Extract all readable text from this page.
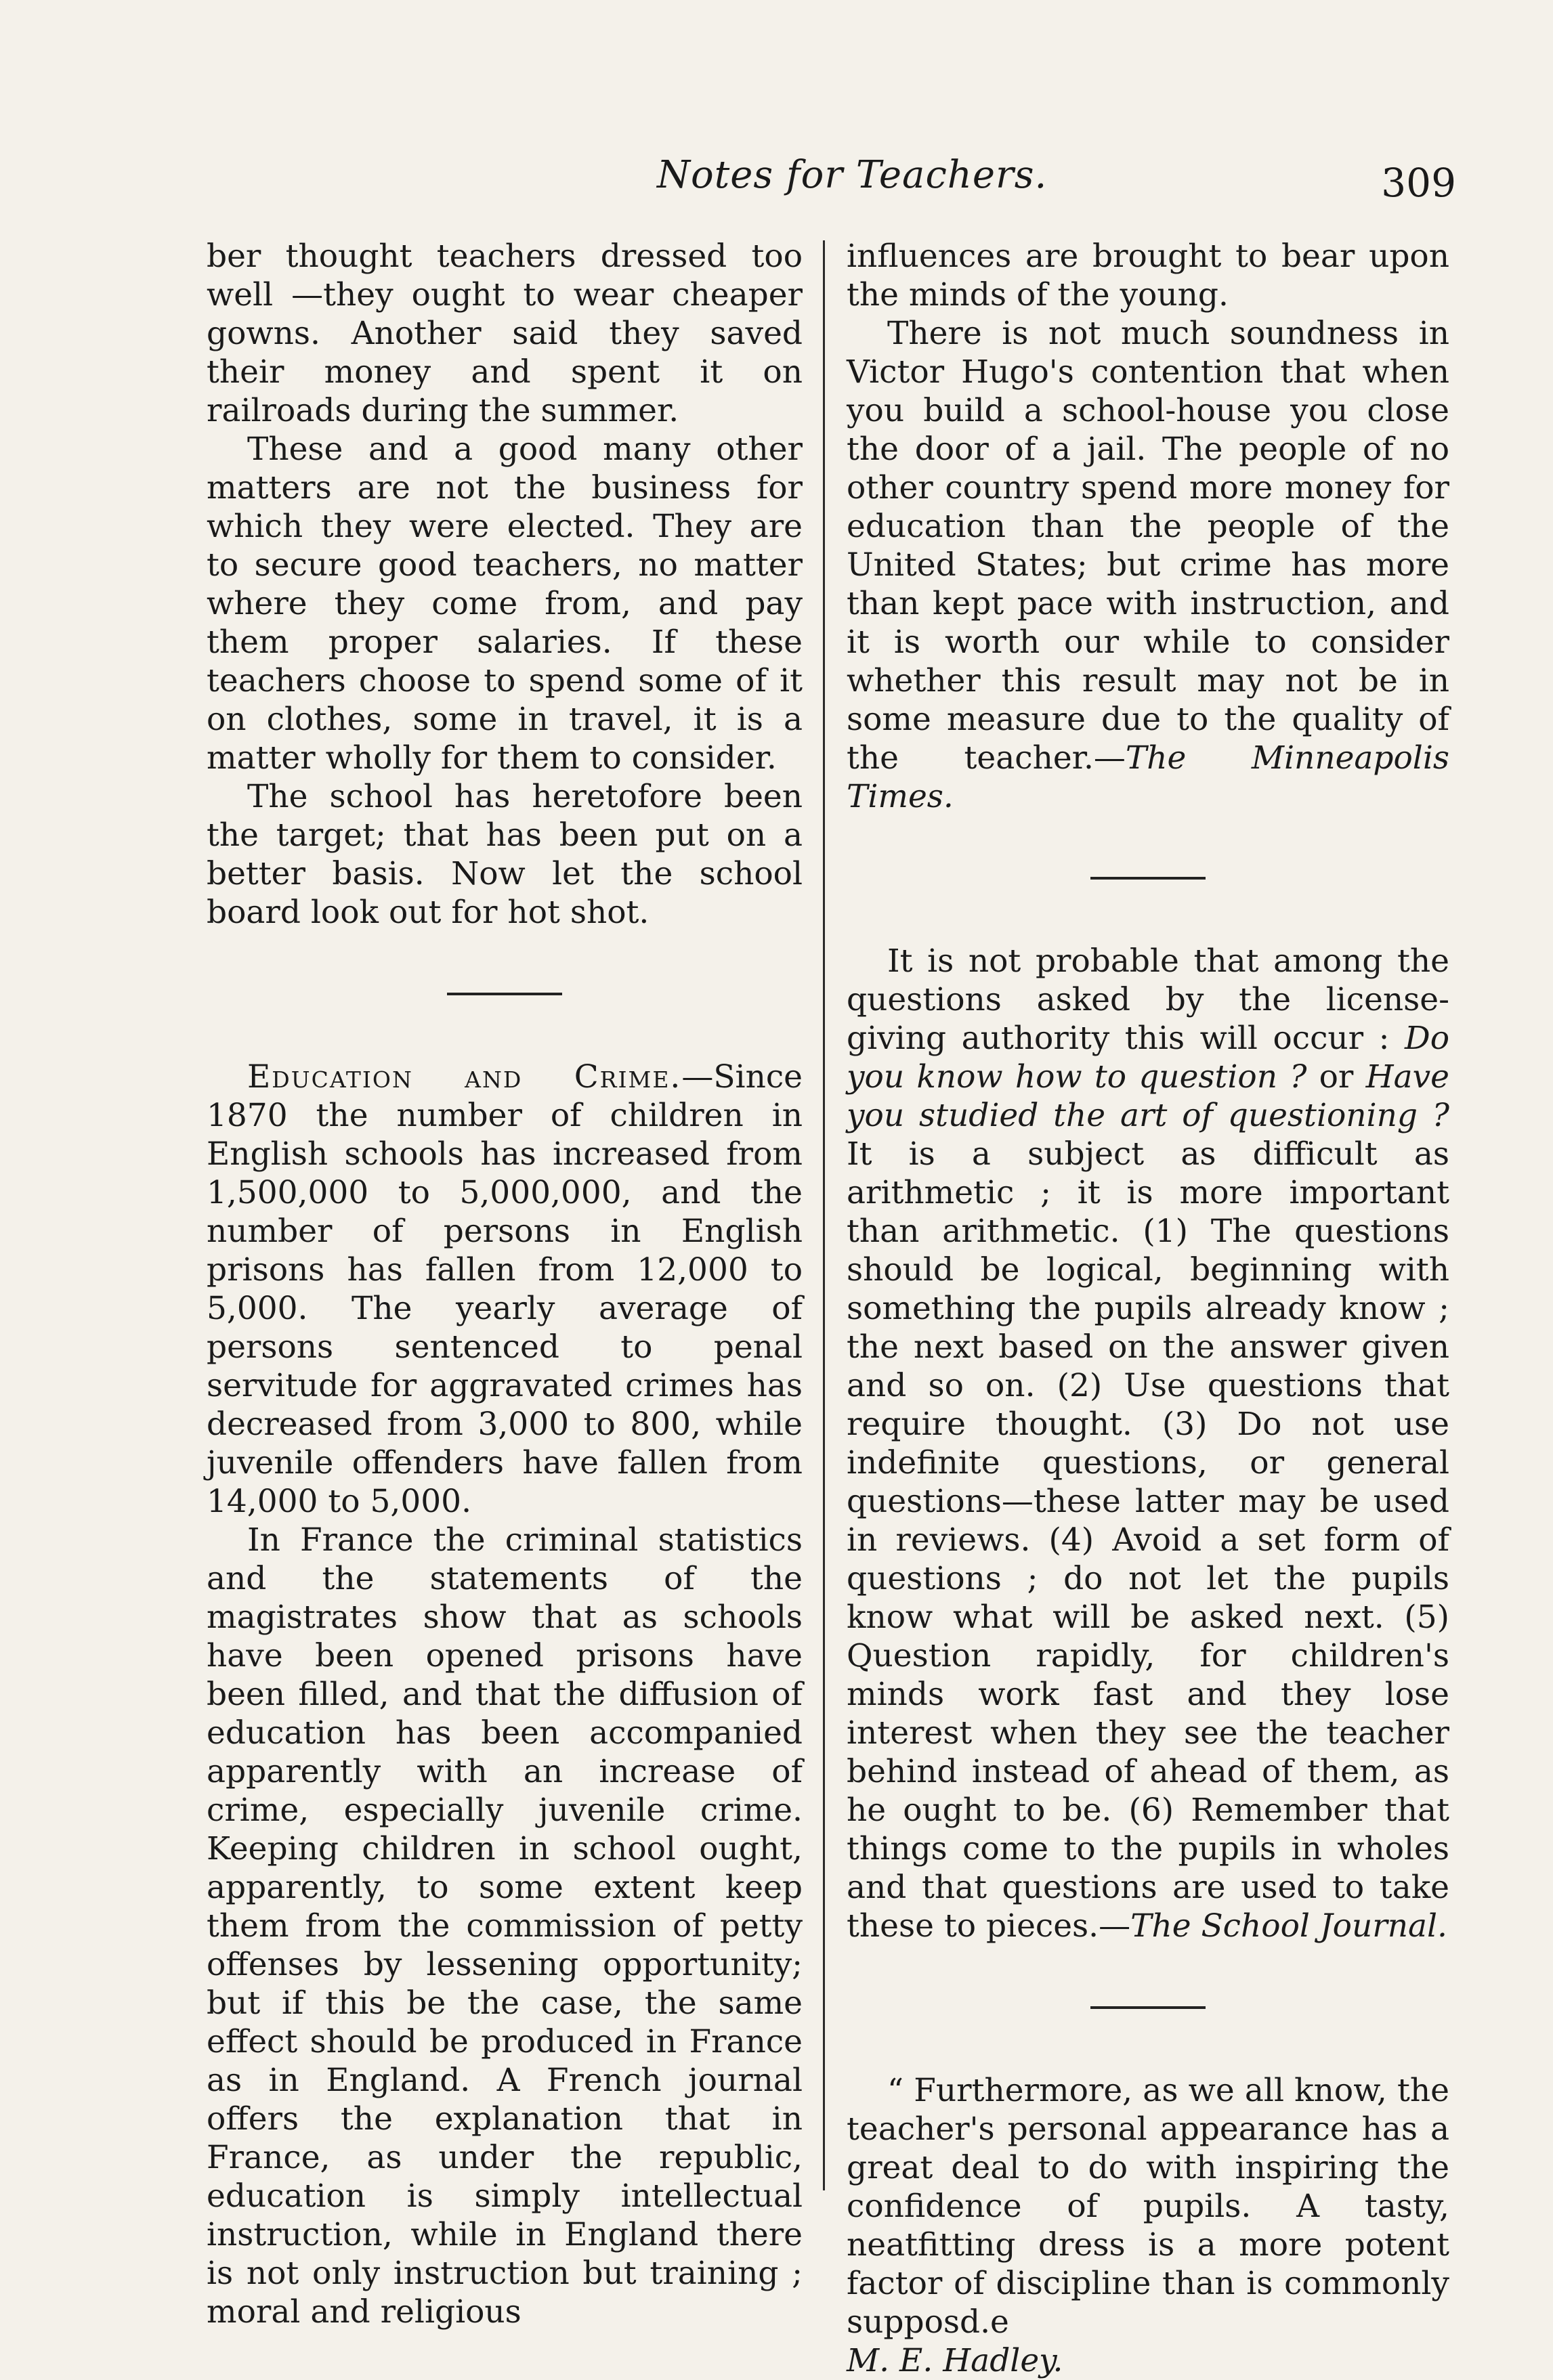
Notes for Teachers.	309

ber thought teachers dressed too well —they ought to wear cheaper gowns. Another said they saved their money and spent it on railroads during the summer.

These and a good many other matters are not the business for which they were elected. They are to secure good teachers, no matter where they come from, and pay them proper salaries. If these teachers choose to spend some of it on clothes, some in travel, it is a matter wholly for them to consider.

The school has heretofore been the target; that has been put on a better basis. Now let the school board look out for hot shot.

Education and Crime.—Since 1870 the number of children in English schools has increased from 1,500,000 to 5,000,000, and the number of persons in English prisons has fallen from 12,000 to 5,000. The yearly average of persons sentenced to penal servitude for aggravated crimes has decreased from 3,000 to 800, while juvenile offenders have fallen from 14,000 to 5,000.

In France the criminal statistics and the statements of the magistrates show that as schools have been opened prisons have been filled, and that the diffusion of education has been accompanied apparently with an increase of crime, especially juvenile crime. Keeping children in school ought, apparently, to some extent keep them from the commission of petty offenses by lessening opportunity; but if this be the case, the same effect should be produced in France as in England. A French journal offers the explanation that in France, as under the republic, education is simply intellectual instruction, while in England there is not only instruction but training ; moral and religious

influences are brought to bear upon the minds of the young.

There is not much soundness in Victor Hugo's contention that when you build a school-house you close the door of a jail. The people of no other country spend more money for education than the people of the United States; but crime has more than kept pace with instruction, and it is worth our while to consider whether this result may not be in some measure due to the quality of the teacher.—The Minneapolis Times.

It is not probable that among the questions asked by the license-giving authority this will occur : Do you know how to question ? or Have you studied the art of questioning ? It is a subject as difficult as arithmetic ; it is more important than arithmetic. (1) The questions should be logical, beginning with something the pupils already know ; the next based on the answer given and so on. (2) Use questions that require thought. (3) Do not use indefinite questions, or general questions—these latter may be used in reviews. (4) Avoid a set form of questions ; do not let the pupils know what will be asked next. (5) Question rapidly, for children's minds work fast and they lose interest when they see the teacher behind instead of ahead of them, as he ought to be. (6) Remember that things come to the pupils in wholes and that questions are used to take these to pieces.—The School Journal.

“ Furthermore, as we all know, the teacher's personal appearance has a great deal to do with inspiring the confidence of pupils. A tasty, neatfitting dress is a more potent factor of discipline than is commonly supposd.e
M. E. Hadley.
